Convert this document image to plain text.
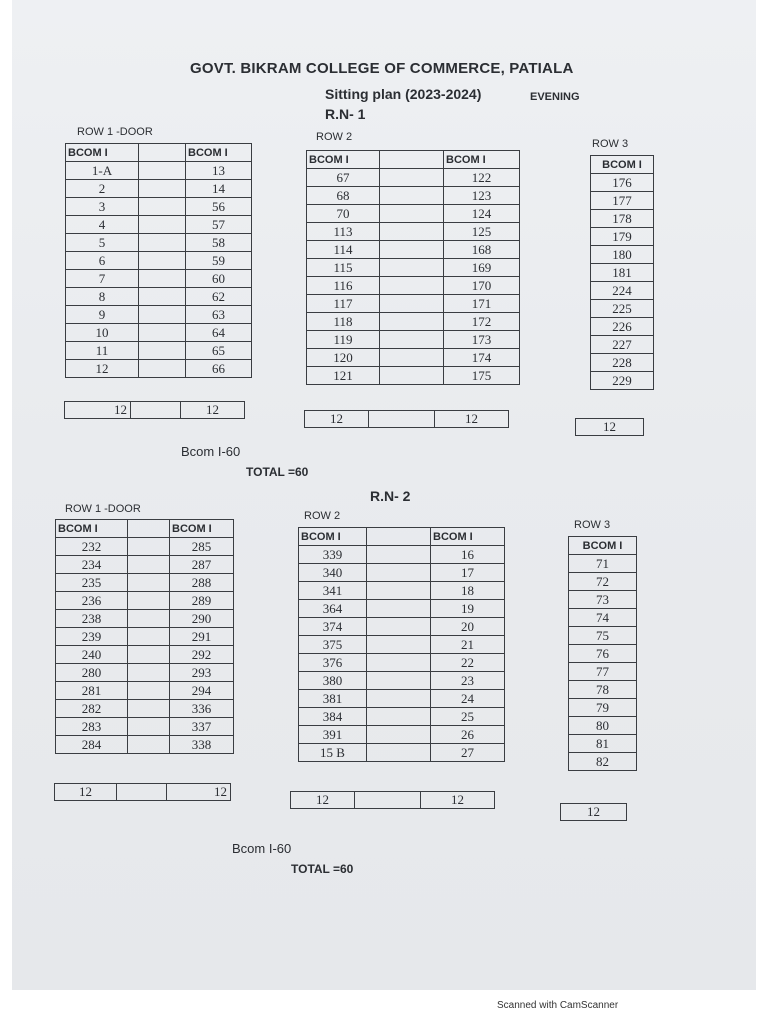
GOVT. BIKRAM COLLEGE OF COMMERCE, PATIALA
Sitting plan (2023-2024)	EVENING
R.N- 1
ROW 1 -DOOR
BCOM I		BCOM I
1-A		13
2		14
3		56
4		57
5		58
6		59
7		60
8		62
9		63
10		64
11		65
12		66
12		12
ROW 2
BCOM I		BCOM I
67		122
68		123
70		124
113		125
114		168
115		169
116		170
117		171
118		172
119		173
120		174
121		175
12		12
ROW 3
BCOM I
176
177
178
179
180
181
224
225
226
227
228
229
12
Bcom I-60
TOTAL =60
R.N- 2
ROW 1 -DOOR
BCOM I		BCOM I
232		285
234		287
235		288
236		289
238		290
239		291
240		292
280		293
281		294
282		336
283		337
284		338
12		12
ROW 2
BCOM I		BCOM I
339		16
340		17
341		18
364		19
374		20
375		21
376		22
380		23
381		24
384		25
391		26
15 B		27
12		12
ROW 3
BCOM I
71
72
73
74
75
76
77
78
79
80
81
82
12
Bcom I-60
TOTAL =60
Scanned with CamScanner
